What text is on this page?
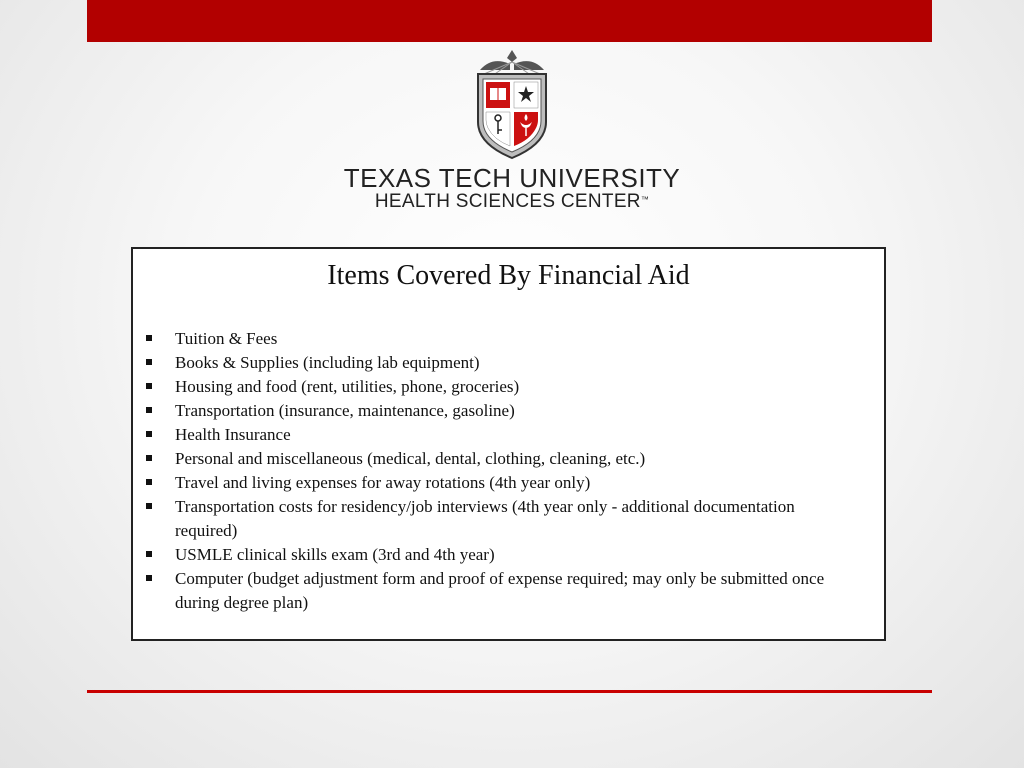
TEXAS TECH UNIVERSITY
HEALTH SCIENCES CENTER™
Items Covered By Financial Aid
Tuition & Fees
Books & Supplies (including lab equipment)
Housing and food (rent, utilities, phone, groceries)
Transportation (insurance, maintenance, gasoline)
Health Insurance
Personal and miscellaneous (medical, dental, clothing, cleaning, etc.)
Travel and living expenses for away rotations (4th year only)
Transportation costs for residency/job interviews (4th year only - additional documentation required)
USMLE clinical skills exam (3rd and 4th year)
Computer (budget adjustment form and proof of expense required; may only be submitted once during degree plan)
